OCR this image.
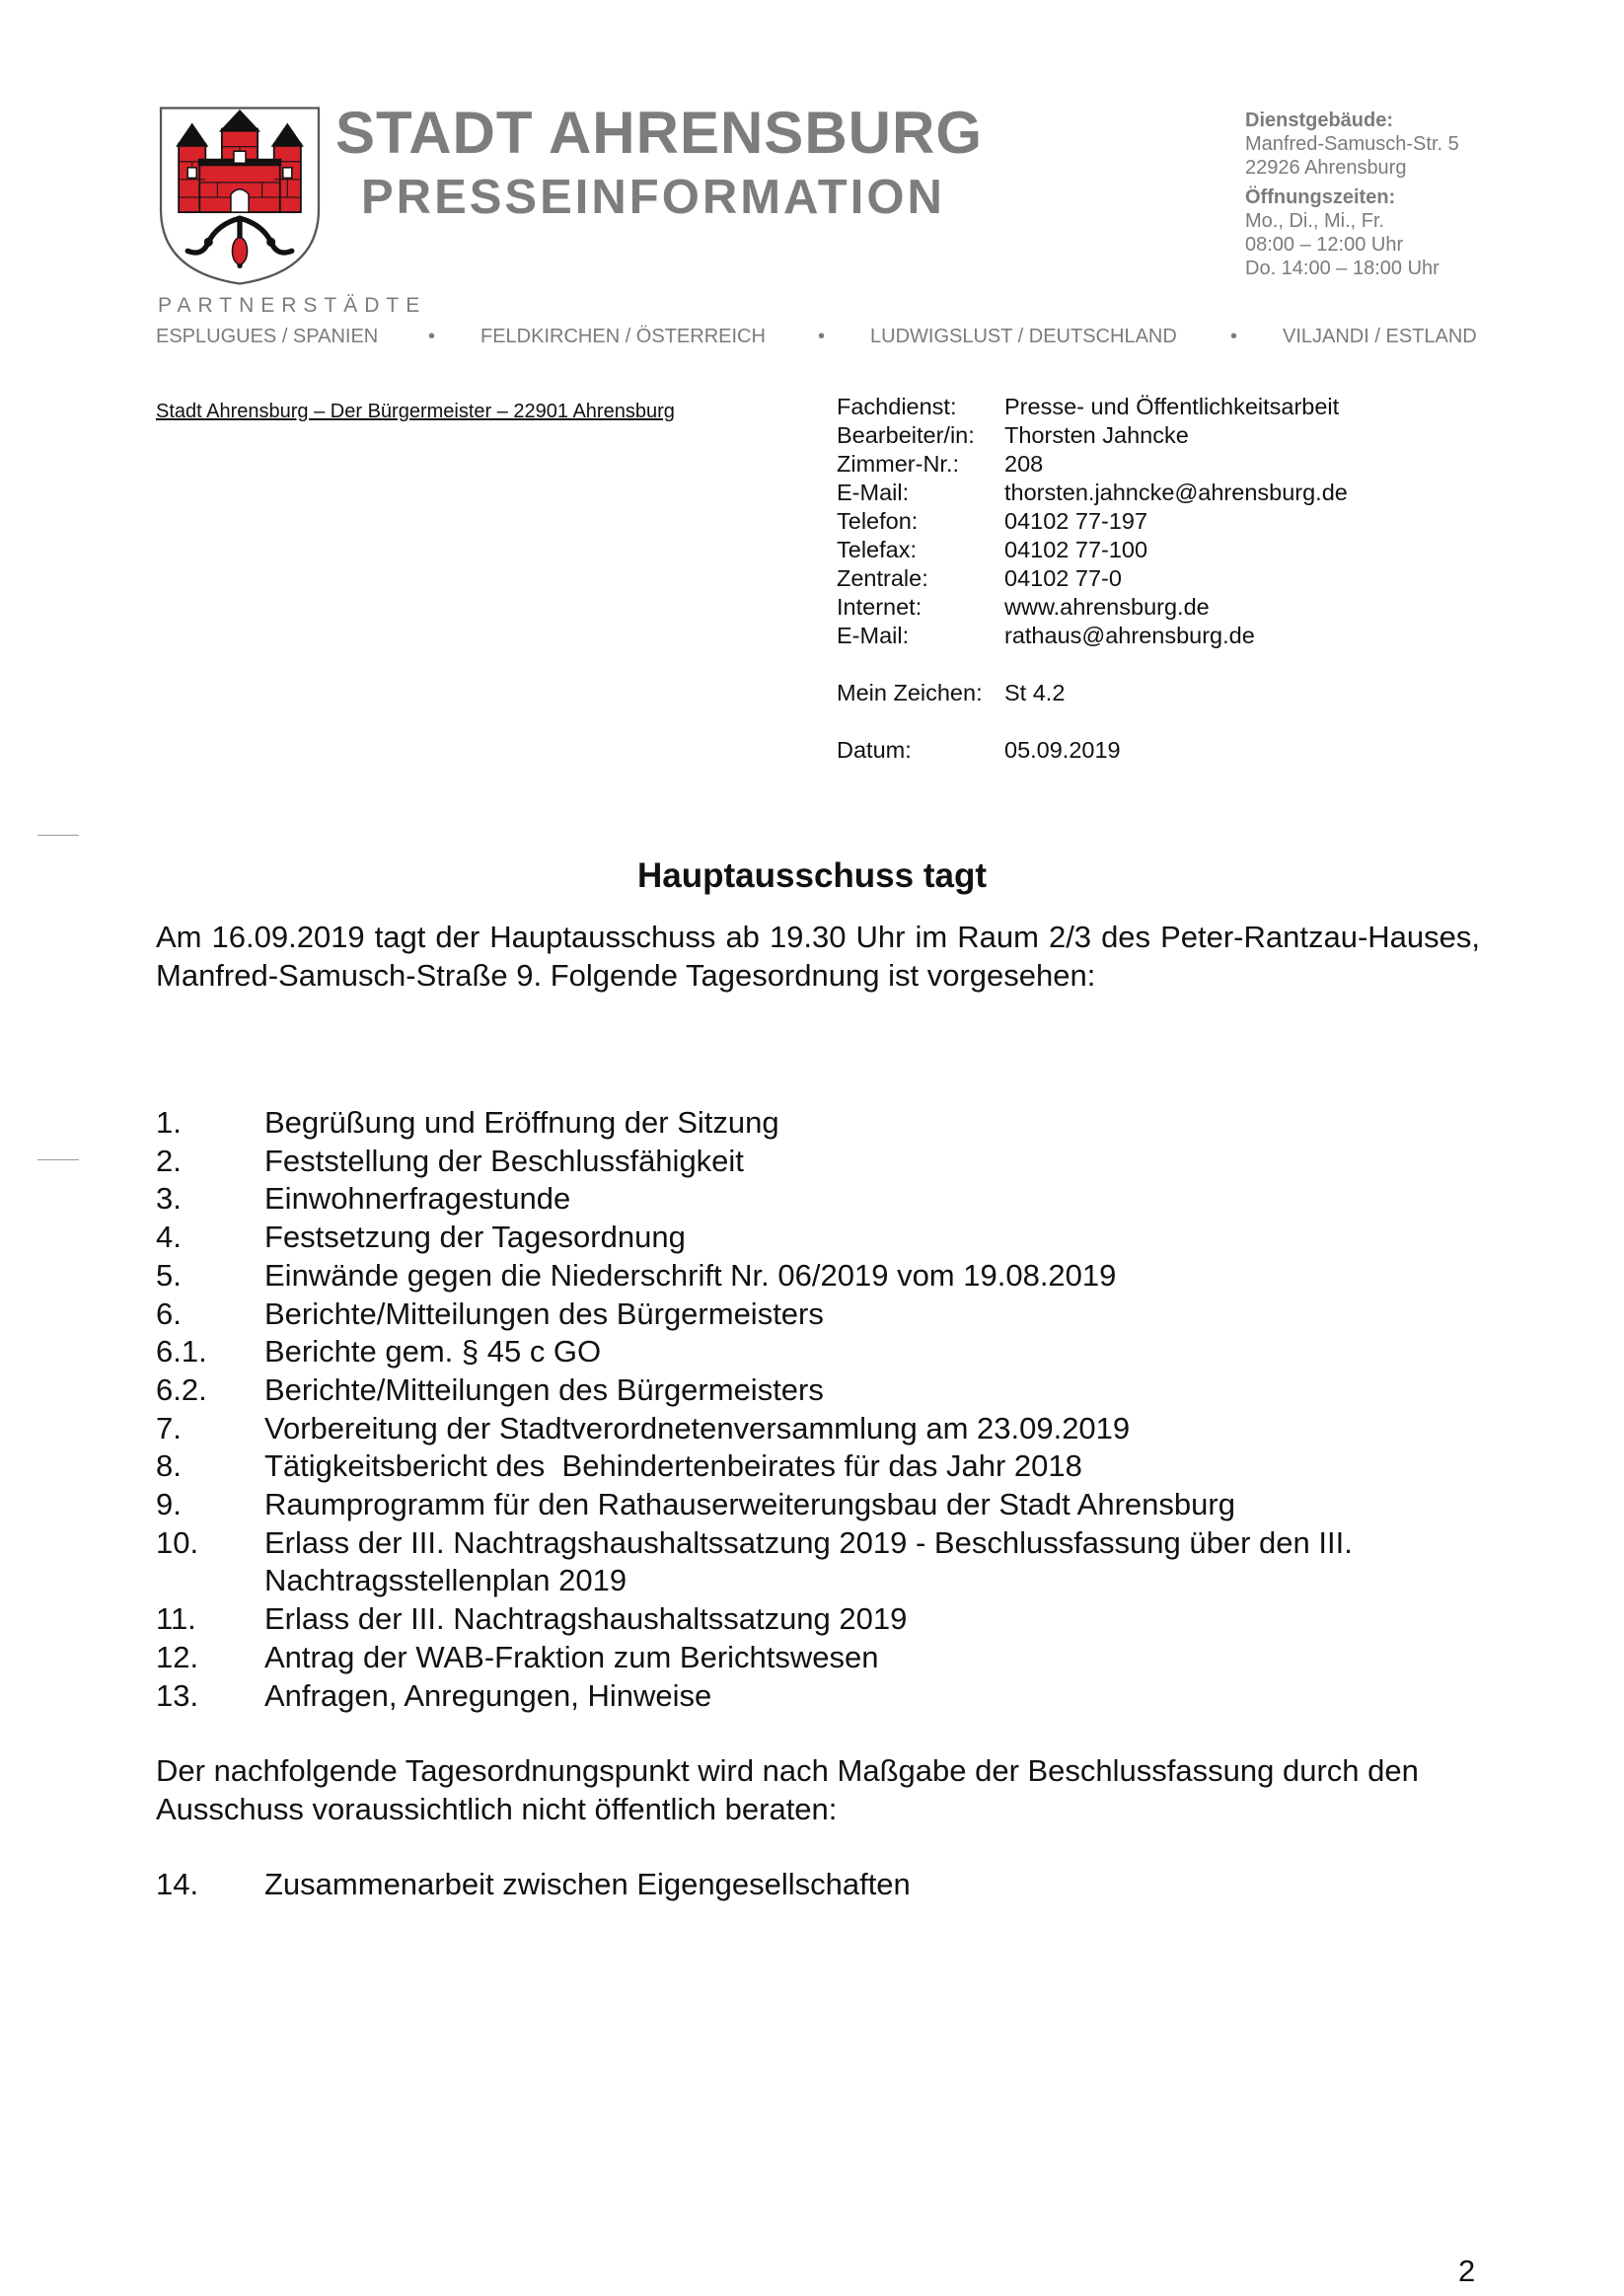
STADT AHRENSBURG
PRESSEINFORMATION
Dienstgebäude:
Manfred-Samusch-Str. 5
22926 Ahrensburg
Öffnungszeiten:
Mo., Di., Mi., Fr.
08:00 – 12:00 Uhr
Do. 14:00 – 18:00 Uhr
PARTNERSTÄDTE
ESPLUGUES / SPANIEN	• FELDKIRCHEN / ÖSTERREICH	• LUDWIGSLUST / DEUTSCHLAND	• VILJANDI / ESTLAND
Stadt Ahrensburg – Der Bürgermeister – 22901 Ahrensburg	Fachdienst:	Presse- und Öffentlichkeitsarbeit
Bearbeiter/in:	Thorsten Jahncke
Zimmer-Nr.:	208
E-Mail:	thorsten.jahncke@ahrensburg.de
Telefon:	04102 77-197
Telefax:	04102 77-100
Zentrale:	04102 77-0
Internet:	www.ahrensburg.de
E-Mail:	rathaus@ahrensburg.de
Mein Zeichen: St 4.2
Datum:	05.09.2019
Hauptausschuss tagt
Am 16.09.2019 tagt der Hauptausschuss ab 19.30 Uhr im Raum 2/3 des Peter-Rantzau-Hauses, Manfred-Samusch-Straße 9. Folgende Tagesordnung ist vorgesehen:
1.	Begrüßung und Eröffnung der Sitzung
2.	Feststellung der Beschlussfähigkeit
3.	Einwohnerfragestunde
4.	Festsetzung der Tagesordnung
5.	Einwände gegen die Niederschrift Nr. 06/2019 vom 19.08.2019
6.	Berichte/Mitteilungen des Bürgermeisters
6.1.	Berichte gem. § 45 c GO
6.2.	Berichte/Mitteilungen des Bürgermeisters
7.	Vorbereitung der Stadtverordnetenversammlung am 23.09.2019
8.	Tätigkeitsbericht des  Behindertenbeirates für das Jahr 2018
9.	Raumprogramm für den Rathauserweiterungsbau der Stadt Ahrensburg
10.	Erlass der III. Nachtragshaushaltssatzung 2019 - Beschlussfassung über den III. Nachtragsstellenplan 2019
11.	Erlass der III. Nachtragshaushaltssatzung 2019
12.	Antrag der WAB-Fraktion zum Berichtswesen
13.	Anfragen, Anregungen, Hinweise
Der nachfolgende Tagesordnungspunkt wird nach Maßgabe der Beschlussfassung durch den Ausschuss voraussichtlich nicht öffentlich beraten:
14.	Zusammenarbeit zwischen Eigengesellschaften
2
